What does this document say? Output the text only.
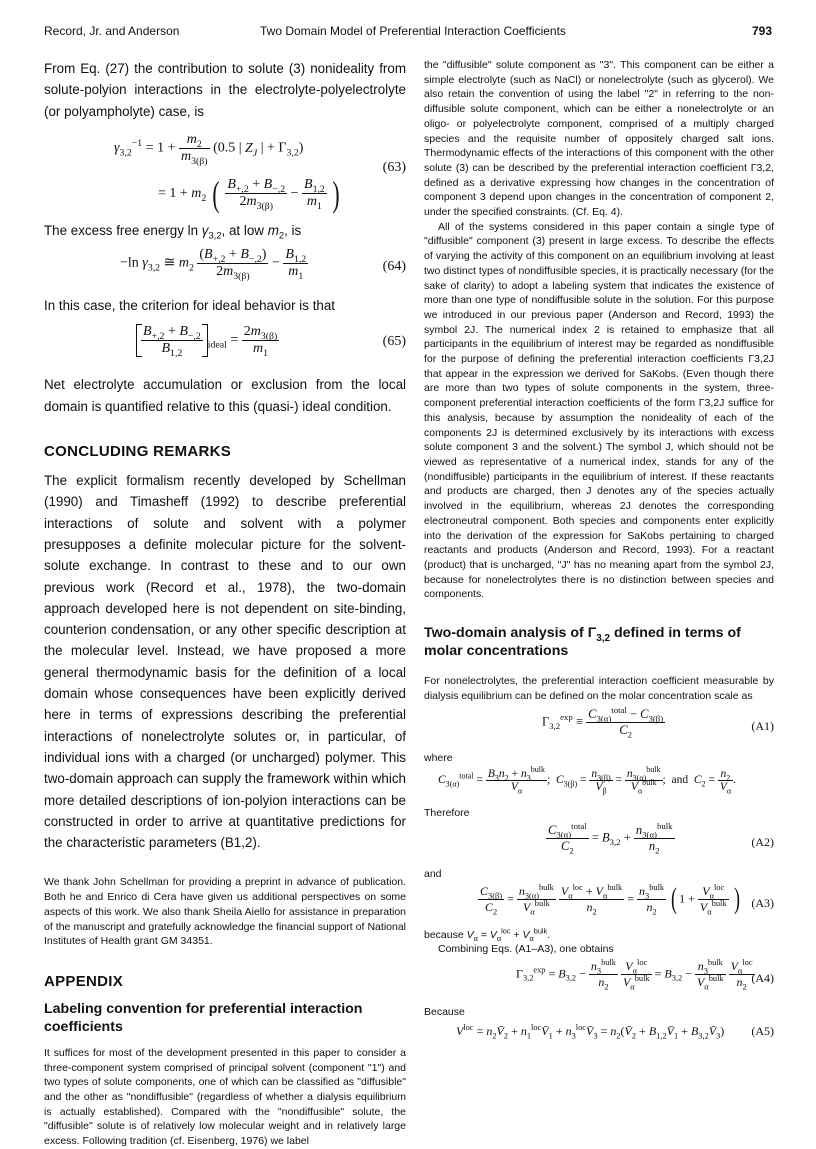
Record, Jr. and Anderson	Two Domain Model of Preferential Interaction Coefficients	793

From Eq. (27) the contribution to solute (3) nonideality from solute-polyion interactions in the electrolyte-polyelectrolyte (or polyampholyte) case, is

$\gamma_{3,2}^{-1} = 1 + \frac{m_2}{m_{3(\beta)}} (0.5$ | $Z_J$ | + $\Gamma_{3,2}$)
= $1 + m_2$ ( $\frac{B_{+,2} + B_{-,2}}{2m_{3(\beta)}} - \frac{B_{1,2}}{m_1}$ )
(63)

The excess free energy $\ln \gamma_{3,2}$, at low $m_2$, is

−ln $\gamma_{3,2}$ ≅ $m_2 \frac{(B_{+,2} + B_{-,2})}{2m_{3(\beta)}} - \frac{B_{1,2}}{m_1}$	(64)

In this case, the criterion for ideal behavior is that

$\frac{B_{+,2} + B_{-,2}}{B_{1,2}} _{ideal} = \frac{2m_{3(\beta)}}{m_1}$	(65)

Net electrolyte accumulation or exclusion from the local domain is quantified relative to this (quasi-) ideal condition.

CONCLUDING REMARKS

The explicit formalism recently developed by Schellman (1990) and Timasheff (1992) to describe preferential interactions of solute and solvent with a polymer presupposes a definite molecular picture for the solvent-solute exchange. In contrast to these and to our own previous work (Record et al., 1978), the two-domain approach developed here is not dependent on site-binding, counterion condensation, or any other specific description at the molecular level. Instead, we have proposed a more general thermodynamic basis for the definition of a local domain whose consequences have been explicitly derived here in terms of expressions describing the preferential interactions of nonelectrolyte solutes or, in particular, of individual ions with a charged (or uncharged) polymer. This two-domain approach can supply the framework within which more detailed descriptions of ion-polyion interactions can be constructed in order to arrive at quantitative predictions for the characteristic parameters (B1,2).

We thank John Schellman for providing a preprint in advance of publication. Both he and Enrico di Cera have given us additional perspectives on some aspects of this work. We also thank Sheila Aiello for assistance in preparation of the manuscript and gratefully acknowledge the financial support of National Institutes of Health grant GM 34351.

APPENDIX
Labeling convention for preferential interaction coefficients

It suffices for most of the development presented in this paper to consider a three-component system comprised of principal solvent (component "1") and two types of solute components, one of which can be classified as "diffusible" and the other as "nondiffusible" (regardless of whether a dialysis equilibrium is actually established). Compared with the "nondiffusible" solute, the "diffusible" solute is of relatively low molecular weight and in relatively large excess. Following tradition (cf. Eisenberg, 1976) we label

the "diffusible" solute component as "3". This component can be either a simple electrolyte (such as NaCl) or nonelectrolyte (such as glycerol). We also retain the convention of using the label "2" in referring to the non-diffusible solute component, which can be either a nonelectrolyte or an oligo- or polyelectrolyte component, comprised of a multiply charged species and the requisite number of oppositely charged salt ions. Thermodynamic effects of the interactions of this component with the other solute (3) can be described by the preferential interaction coefficient Γ3,2, defined as a derivative expressing how changes in the concentration of component 3 depend upon changes in the concentration of component 2, under the specified constraints. (Cf. Eq. 4).

All of the systems considered in this paper contain a single type of "diffusible" component (3) present in large excess. To describe the effects of varying the activity of this component on an equilibrium involving at least two distinct types of nondiffusible species, it is practically necessary (for the sake of clarity) to adopt a labeling system that indicates the existence of more than one type of nondiffusible solute in the solution. For this purpose we introduced in our previous paper (Anderson and Record, 1993) the symbol 2J. The numerical index 2 is retained to emphasize that all participants in the equilibrium of interest may be regarded as nondiffusible for the purpose of defining the preferential interaction coefficients Γ3,2J that appear in the expression we derived for SaKobs. (Even though there are more than two types of solute components in the system, three-component preferential interaction coefficients of the form Γ3,2J suffice for this analysis, because by assumption the nonideality of each of the components 2J is determined exclusively by its interactions with excess solute component 3 and the solvent.) The symbol J, which should not be viewed as representative of a numerical index, stands for any of the (nondiffusible) participants in the equilibrium of interest. If these reactants and products are charged, then J denotes any of the species actually involved in the equilibrium, whereas 2J denotes the corresponding electroneutral component. Both species and components enter explicitly into the derivation of the expression for SaKobs pertaining to charged reactants and products (Anderson and Record, 1993). For a reactant (product) that is uncharged, "J" has no meaning apart from the symbol 2J, because for nonelectrolytes there is no distinction between species and components.

Two-domain analysis of $\Gamma_{3,2}$ defined in terms of molar concentrations

For nonelectrolytes, the preferential interaction coefficient measurable by dialysis equilibrium can be defined on the molar concentration scale as

$\Gamma_{3,2}^{exp} \equiv \frac{C_{3(\alpha)}^{total} - C_{3(\beta)}}{C_2}$	(A1)

where

$C_{3(\alpha)}^{total} = \frac{B_3n_2 + n_3^{bulk}}{V_\alpha}$ ;  $C_{3(\beta)} = \frac{n_{3(\beta)}}{V_\beta} = \frac{n_{3(\alpha)}^{bulk}}{V_\alpha^{bulk}}$ ;  and $C_2 = \frac{n_2}{V_\alpha}$ .

Therefore

$\frac{C_{3(\alpha)}^{total}}{C_2} = B_{3,2} + \frac{n_{3(\alpha)}^{bulk}}{n_2}$	(A2)

and

$\frac{C_{3(\beta)}}{C_2} = \frac{n_{3(\alpha)}^{bulk}}{V_\alpha^{bulk}}$
$\frac{V_\alpha^{loc} + V_\alpha^{bulk}}{n_2} = \frac{n_3^{bulk}}{n_2}$ ( $1 + \frac{V_\alpha^{loc}}{V_\alpha^{bulk}}$ ) (A3)

because $V_\alpha = V_\alpha^{loc} + V_\alpha^{bulk}$.

Combining Eqs. (A1–A3), one obtains

$\Gamma_{3,2}^{exp} = B_{3,2} - \frac{n_3^{bulk}}{n_2}$
$\frac{V_\alpha^{loc}}{V_\alpha^{bulk}} = B_{3,2} - \frac{n_3^{bulk}}{V_\alpha^{bulk}}$
$\frac{V_\alpha^{loc}}{n_2}$
(A4)

Because

$V^{loc}$ = $n_2V̄_2$ + $n_1^{loc}V̄_1$ + $n_3^{loc}V̄_3$ = $n_2(V̄_2$ + $B_{1,2}V̄_1$ + $B_{3,2}V̄_3$) (A5)
